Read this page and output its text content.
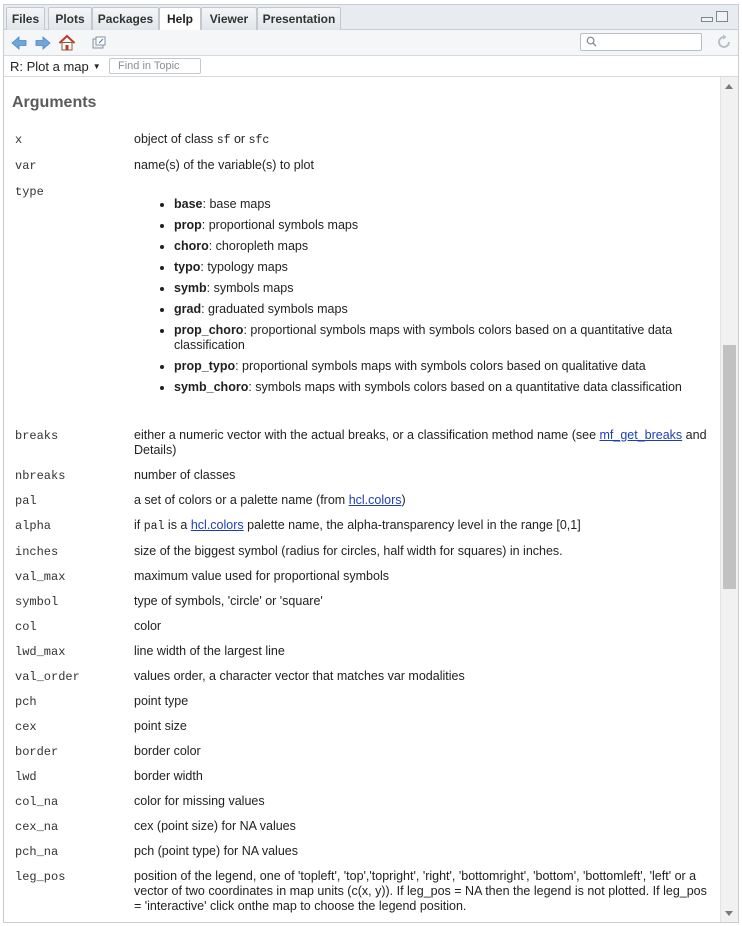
Files	Plots	Packages	Help	Viewer	Presentation
R: Plot a map ▼
Find in Topic
Arguments
x	object of class sf or sfc
var	name(s) of the variable(s) to plot
type
• base: base maps
• prop: proportional symbols maps
• choro: choropleth maps
• typo: typology maps
• symb: symbols maps
• grad: graduated symbols maps
• prop_choro: proportional symbols maps with symbols colors based on a quantitative data classification
• prop_typo: proportional symbols maps with symbols colors based on qualitative data
• symb_choro: symbols maps with symbols colors based on a quantitative data classification
breaks	either a numeric vector with the actual breaks, or a classification method name (see mf_get_breaks and Details)
nbreaks	number of classes
pal	a set of colors or a palette name (from hcl.colors)
alpha	if pal is a hcl.colors palette name, the alpha-transparency level in the range [0,1]
inches	size of the biggest symbol (radius for circles, half width for squares) in inches.
val_max	maximum value used for proportional symbols
symbol	type of symbols, 'circle' or 'square'
col	color
lwd_max	line width of the largest line
val_order	values order, a character vector that matches var modalities
pch	point type
cex	point size
border	border color
lwd	border width
col_na	color for missing values
cex_na	cex (point size) for NA values
pch_na	pch (point type) for NA values
leg_pos	position of the legend, one of 'topleft', 'top','topright', 'right', 'bottomright', 'bottom', 'bottomleft', 'left' or a vector of two coordinates in map units (c(x, y)). If leg_pos = NA then the legend is not plotted. If leg_pos = 'interactive' click onthe map to choose the legend position.
